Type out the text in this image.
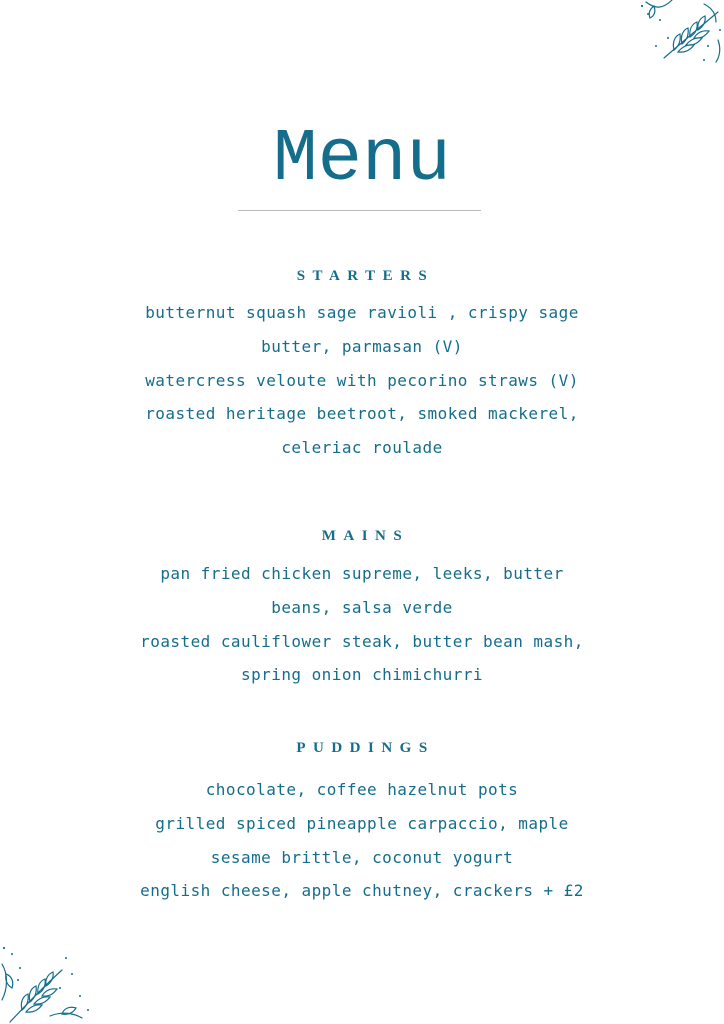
Menu

STARTERS

butternut squash sage ravioli , crispy sage

butter, parmasan (V)

watercress veloute with pecorino straws (V)

roasted heritage beetroot, smoked mackerel,

celeriac roulade

MAINS

pan fried chicken supreme, leeks, butter

beans, salsa verde

roasted cauliflower steak, butter bean mash,

spring onion chimichurri

PUDDINGS

chocolate, coffee hazelnut pots

grilled spiced pineapple carpaccio, maple

sesame brittle, coconut yogurt

english cheese, apple chutney, crackers + £2
